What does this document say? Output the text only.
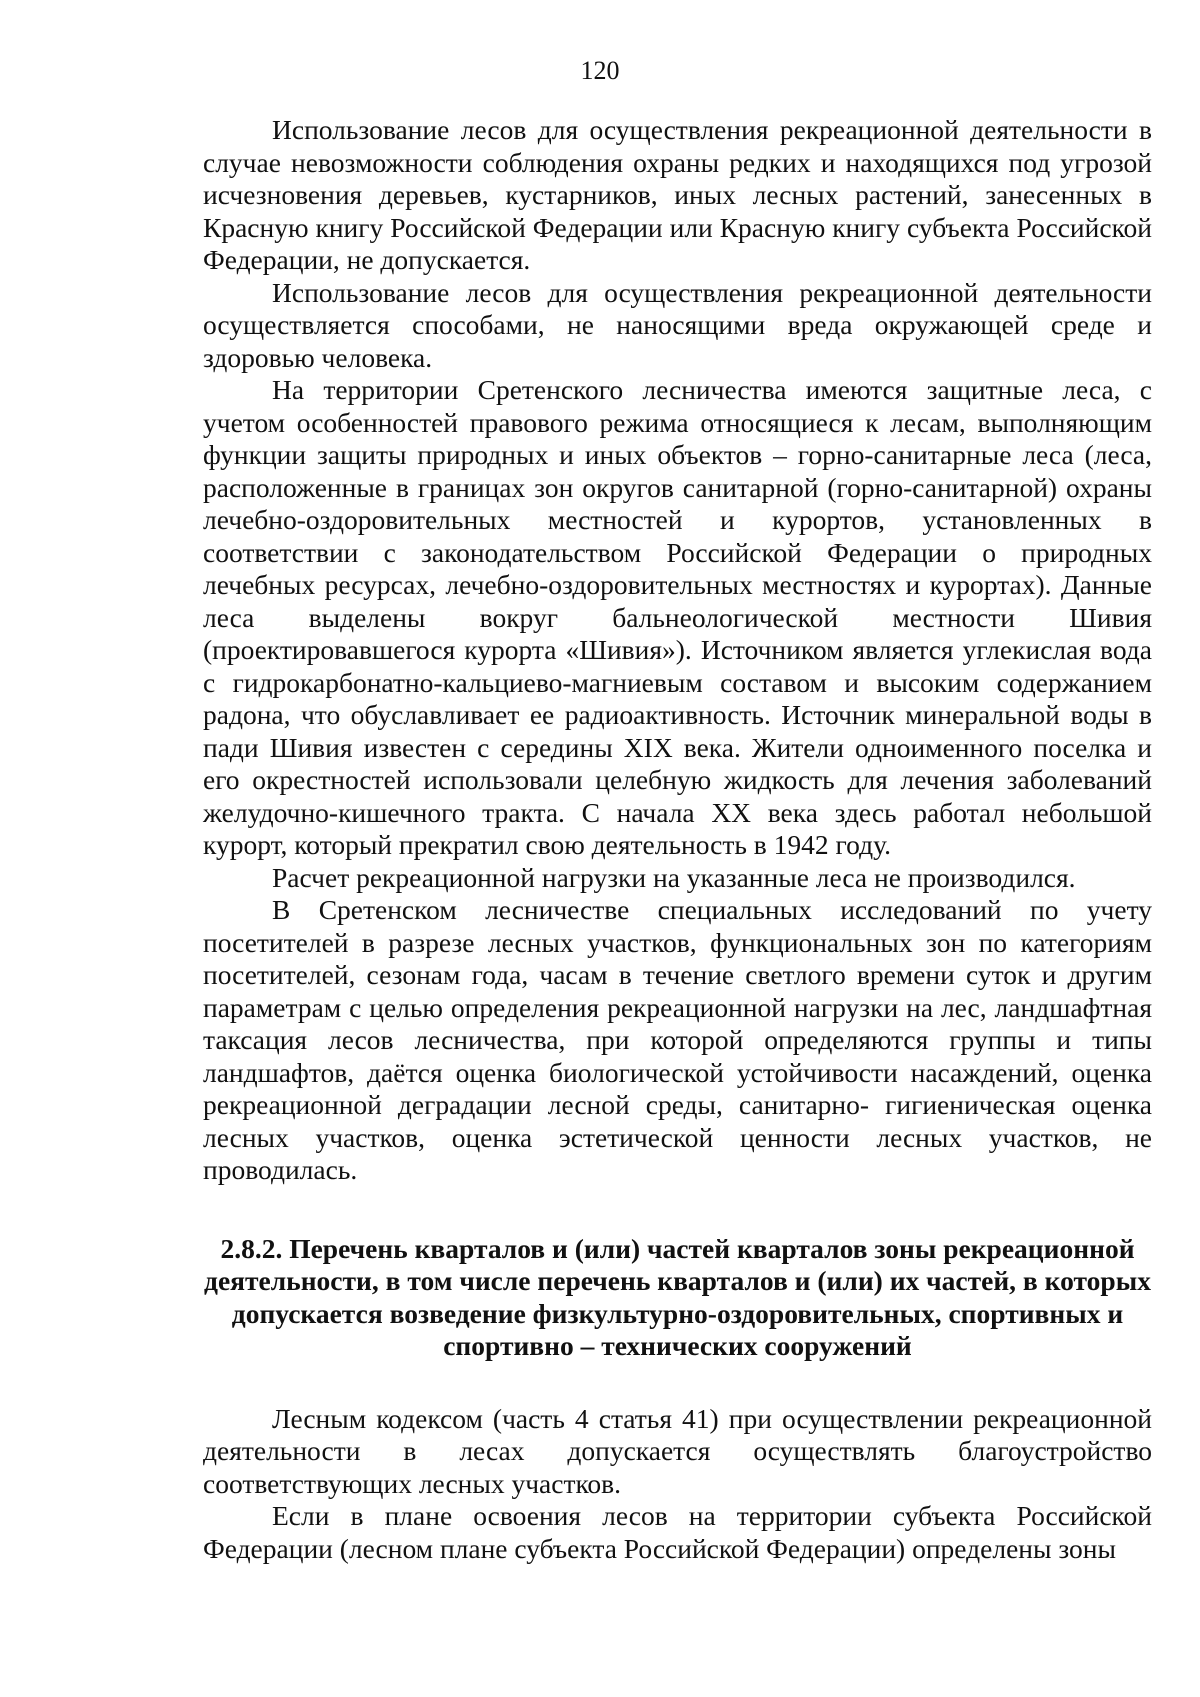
120

Использование лесов для осуществления рекреационной деятельности в случае невозможности соблюдения охраны редких и находящихся под угрозой исчезновения деревьев, кустарников, иных лесных растений, занесенных в Красную книгу Российской Федерации или Красную книгу субъекта Российской Федерации, не допускается.

Использование лесов для осуществления рекреационной деятельности осуществляется способами, не наносящими вреда окружающей среде и здоровью человека.

На территории Сретенского лесничества имеются защитные леса, с учетом особенностей правового режима относящиеся к лесам, выполняющим функции защиты природных и иных объектов – горно-санитарные леса (леса, расположенные в границах зон округов санитарной (горно-санитарной) охраны лечебно-оздоровительных местностей и курортов, установленных в соответствии с законодательством Российской Федерации о природных лечебных ресурсах, лечебно-оздоровительных местностях и курортах). Данные леса выделены вокруг бальнеологической местности Шивия (проектировавшегося курорта «Шивия»). Источником является углекислая вода с гидрокарбонатно-кальциево-магниевым составом и высоким содержанием радона, что обуславливает ее радиоактивность. Источник минеральной воды в пади Шивия известен с середины XIX века. Жители одноименного поселка и его окрестностей использовали целебную жидкость для лечения заболеваний желудочно-кишечного тракта. С начала XX века здесь работал небольшой курорт, который прекратил свою деятельность в 1942 году.

Расчет рекреационной нагрузки на указанные леса не производился.

В Сретенском лесничестве специальных исследований по учету посетителей в разрезе лесных участков, функциональных зон по категориям посетителей, сезонам года, часам в течение светлого времени суток и другим параметрам с целью определения рекреационной нагрузки на лес, ландшафтная таксация лесов лесничества, при которой определяются группы и типы ландшафтов, даётся оценка биологической устойчивости насаждений, оценка рекреационной деградации лесной среды, санитарно- гигиеническая оценка лесных участков, оценка эстетической ценности лесных участков, не проводилась.

2.8.2. Перечень кварталов и (или) частей кварталов зоны рекреационной деятельности, в том числе перечень кварталов и (или) их частей, в которых допускается возведение физкультурно-оздоровительных, спортивных и спортивно – технических сооружений

Лесным кодексом (часть 4 статья 41) при осуществлении рекреационной деятельности в лесах допускается осуществлять благоустройство соответствующих лесных участков.

Если в плане освоения лесов на территории субъекта Российской Федерации (лесном плане субъекта Российской Федерации) определены зоны
